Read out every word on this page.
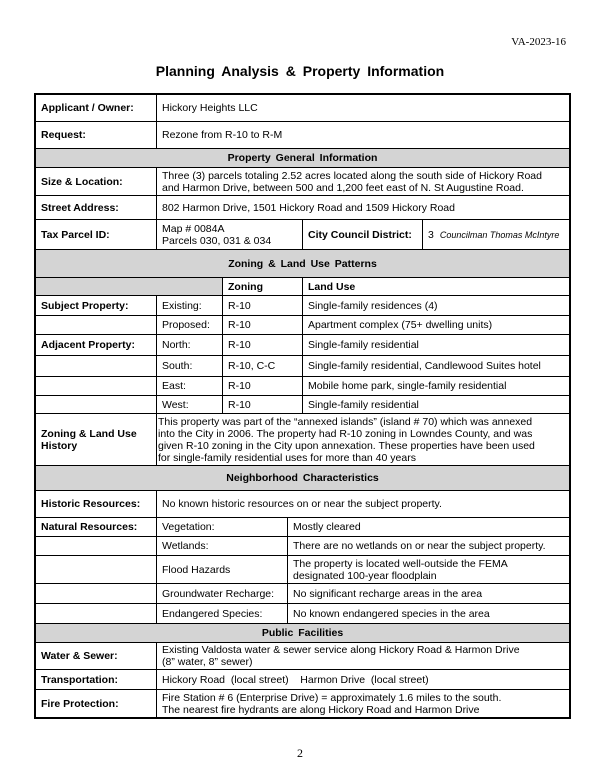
VA-2023-16
Planning Analysis & Property Information
Applicant / Owner:	Hickory Heights LLC
Request:	Rezone from R-10 to R-M
Property General Information
Size & Location:	Three (3) parcels totaling 2.52 acres located along the south side of Hickory Road
and Harmon Drive, between 500 and 1,200 feet east of N. St Augustine Road.
Street Address:	802 Harmon Drive, 1501 Hickory Road and 1509 Hickory Road
Tax Parcel ID:	Map # 0084A
Parcels 030, 031 & 034	City Council District:	3 Councilman Thomas McIntyre
Zoning & Land Use Patterns
Zoning	Land Use
Subject Property:	Existing:	R-10	Single-family residences (4)
Proposed:	R-10	Apartment complex (75+ dwelling units)
Adjacent Property:	North:	R-10	Single-family residential
South:	R-10, C-C	Single-family residential, Candlewood Suites hotel
East:	R-10	Mobile home park, single-family residential
West:	R-10	Single-family residential
Zoning & Land Use
History
This property was part of the “annexed islands” (island # 70) which was annexed
into the City in 2006. The property had R-10 zoning in Lowndes County, and was
given R-10 zoning in the City upon annexation. These properties have been used
for single-family residential uses for more than 40 years
Neighborhood Characteristics
Historic Resources:	No known historic resources on or near the subject property.
Natural Resources:	Vegetation:	Mostly cleared
Wetlands:	There are no wetlands on or near the subject property.
Flood Hazards	The property is located well-outside the FEMA
designated 100-year floodplain
Groundwater Recharge:	No significant recharge areas in the area
Endangered Species:	No known endangered species in the area
Public Facilities
Water & Sewer:	Existing Valdosta water & sewer service along Hickory Road & Harmon Drive
(8” water, 8” sewer)
Transportation:	Hickory Road  (local street)    Harmon Drive  (local street)
Fire Protection:	Fire Station # 6 (Enterprise Drive) = approximately 1.6 miles to the south.
The nearest fire hydrants are along Hickory Road and Harmon Drive
2
